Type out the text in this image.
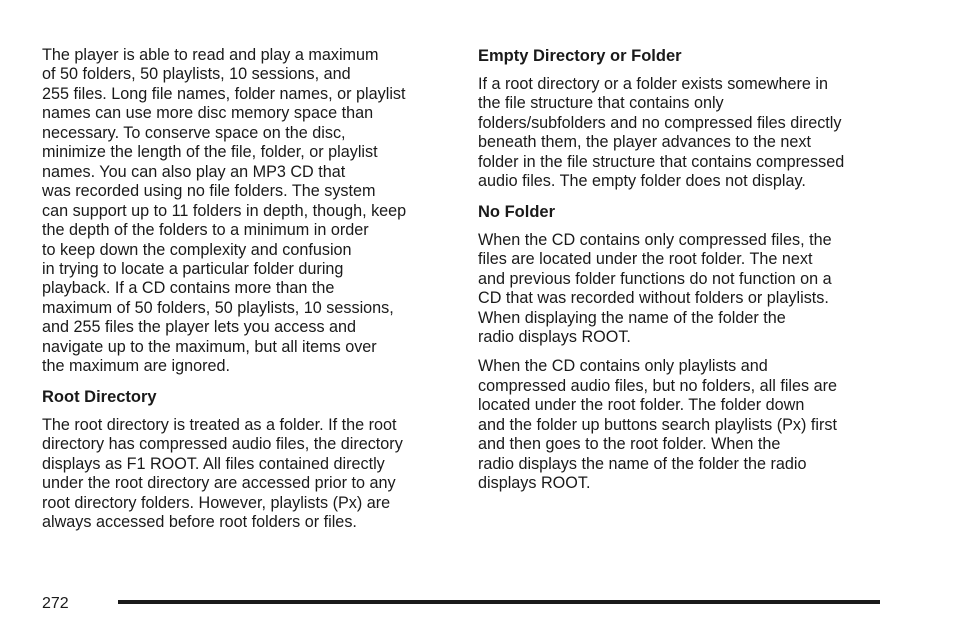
The player is able to read and play a maximum
of 50 folders, 50 playlists, 10 sessions, and
255 files. Long file names, folder names, or playlist
names can use more disc memory space than
necessary. To conserve space on the disc,
minimize the length of the file, folder, or playlist
names. You can also play an MP3 CD that
was recorded using no file folders. The system
can support up to 11 folders in depth, though, keep
the depth of the folders to a minimum in order
to keep down the complexity and confusion
in trying to locate a particular folder during
playback. If a CD contains more than the
maximum of 50 folders, 50 playlists, 10 sessions,
and 255 files the player lets you access and
navigate up to the maximum, but all items over
the maximum are ignored.

Root Directory

The root directory is treated as a folder. If the root
directory has compressed audio files, the directory
displays as F1 ROOT. All files contained directly
under the root directory are accessed prior to any
root directory folders. However, playlists (Px) are
always accessed before root folders or files.

Empty Directory or Folder

If a root directory or a folder exists somewhere in
the file structure that contains only
folders/subfolders and no compressed files directly
beneath them, the player advances to the next
folder in the file structure that contains compressed
audio files. The empty folder does not display.

No Folder

When the CD contains only compressed files, the
files are located under the root folder. The next
and previous folder functions do not function on a
CD that was recorded without folders or playlists.
When displaying the name of the folder the
radio displays ROOT.

When the CD contains only playlists and
compressed audio files, but no folders, all files are
located under the root folder. The folder down
and the folder up buttons search playlists (Px) first
and then goes to the root folder. When the
radio displays the name of the folder the radio
displays ROOT.

272
